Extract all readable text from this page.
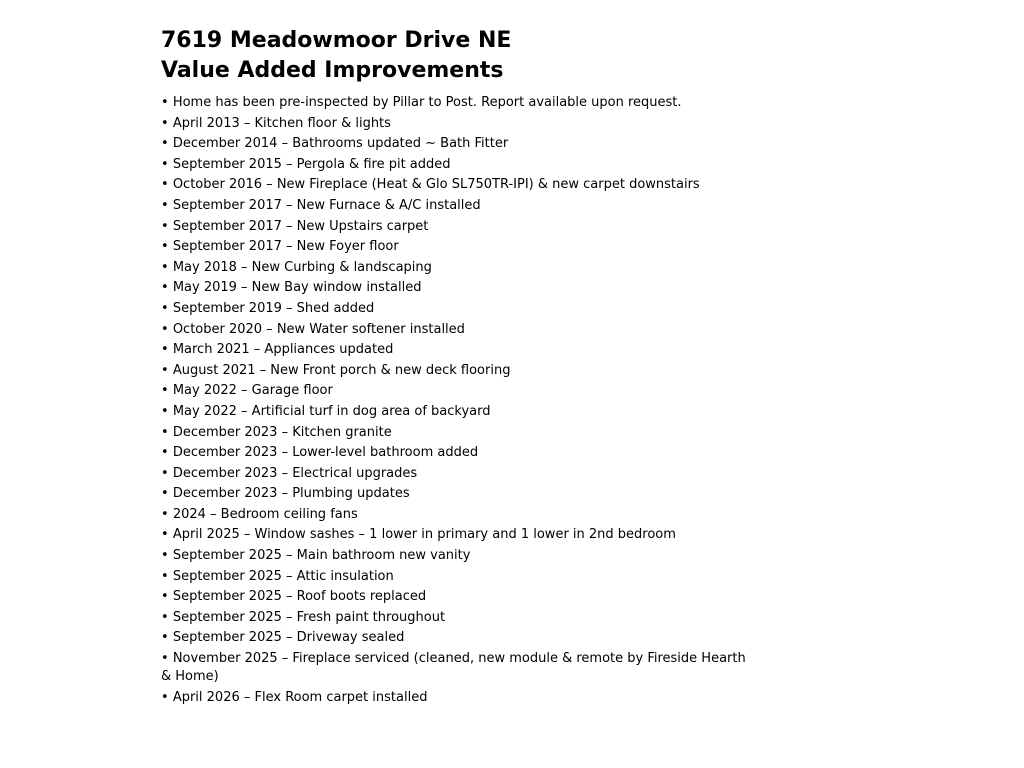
7619 Meadowmoor Drive NE
Value Added Improvements
• Home has been pre-inspected by Pillar to Post. Report available upon request.
• April 2013 – Kitchen floor & lights
• December 2014 – Bathrooms updated ~ Bath Fitter
• September 2015 – Pergola & fire pit added
• October 2016 – New Fireplace (Heat & Glo SL750TR-IPI) & new carpet downstairs
• September 2017 – New Furnace & A/C installed
• September 2017 – New Upstairs carpet
• September 2017 – New Foyer floor
• May 2018 – New Curbing & landscaping
• May 2019 – New Bay window installed
• September 2019 – Shed added
• October 2020 – New Water softener installed
• March 2021 – Appliances updated
• August 2021 – New Front porch & new deck flooring
• May 2022 – Garage floor
• May 2022 – Artificial turf in dog area of backyard
• December 2023 – Kitchen granite
• December 2023 – Lower-level bathroom added
• December 2023 – Electrical upgrades
• December 2023 – Plumbing updates
• 2024 – Bedroom ceiling fans
• April 2025 – Window sashes – 1 lower in primary and 1 lower in 2nd bedroom
• September 2025 – Main bathroom new vanity
• September 2025 – Attic insulation
• September 2025 – Roof boots replaced
• September 2025 – Fresh paint throughout
• September 2025 – Driveway sealed
• November 2025 – Fireplace serviced (cleaned, new module & remote by Fireside Hearth & Home)
• April 2026 – Flex Room carpet installed
